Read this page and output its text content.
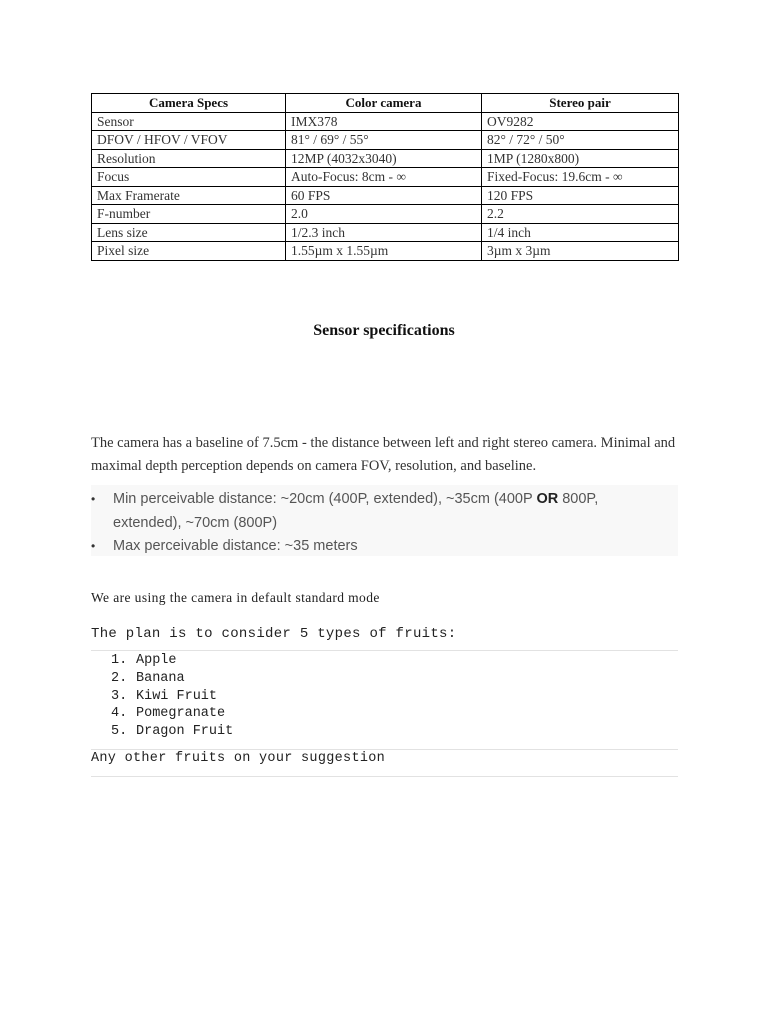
Camera Specs	Color camera	Stereo pair
Sensor	IMX378	OV9282
DFOV / HFOV / VFOV	81° / 69° / 55°	82° / 72° / 50°
Resolution	12MP (4032x3040)	1MP (1280x800)
Focus	Auto-Focus: 8cm - ∞	Fixed-Focus: 19.6cm - ∞
Max Framerate	60 FPS	120 FPS
F-number	2.0	2.2
Lens size	1/2.3 inch	1/4 inch
Pixel size	1.55µm x 1.55µm	3µm x 3µm
Sensor specifications

The camera has a baseline of 7.5cm - the distance between left and right stereo camera. Minimal and maximal depth perception depends on camera FOV, resolution, and baseline.

• Min perceivable distance: ~20cm (400P, extended), ~35cm (400P OR 800P, extended), ~70cm (800P)
• Max perceivable distance: ~35 meters

We are using the camera in default standard mode

The plan is to consider 5 types of fruits:

1. Apple
2. Banana
3. Kiwi Fruit
4. Pomegranate
5. Dragon Fruit

Any other fruits on your suggestion
